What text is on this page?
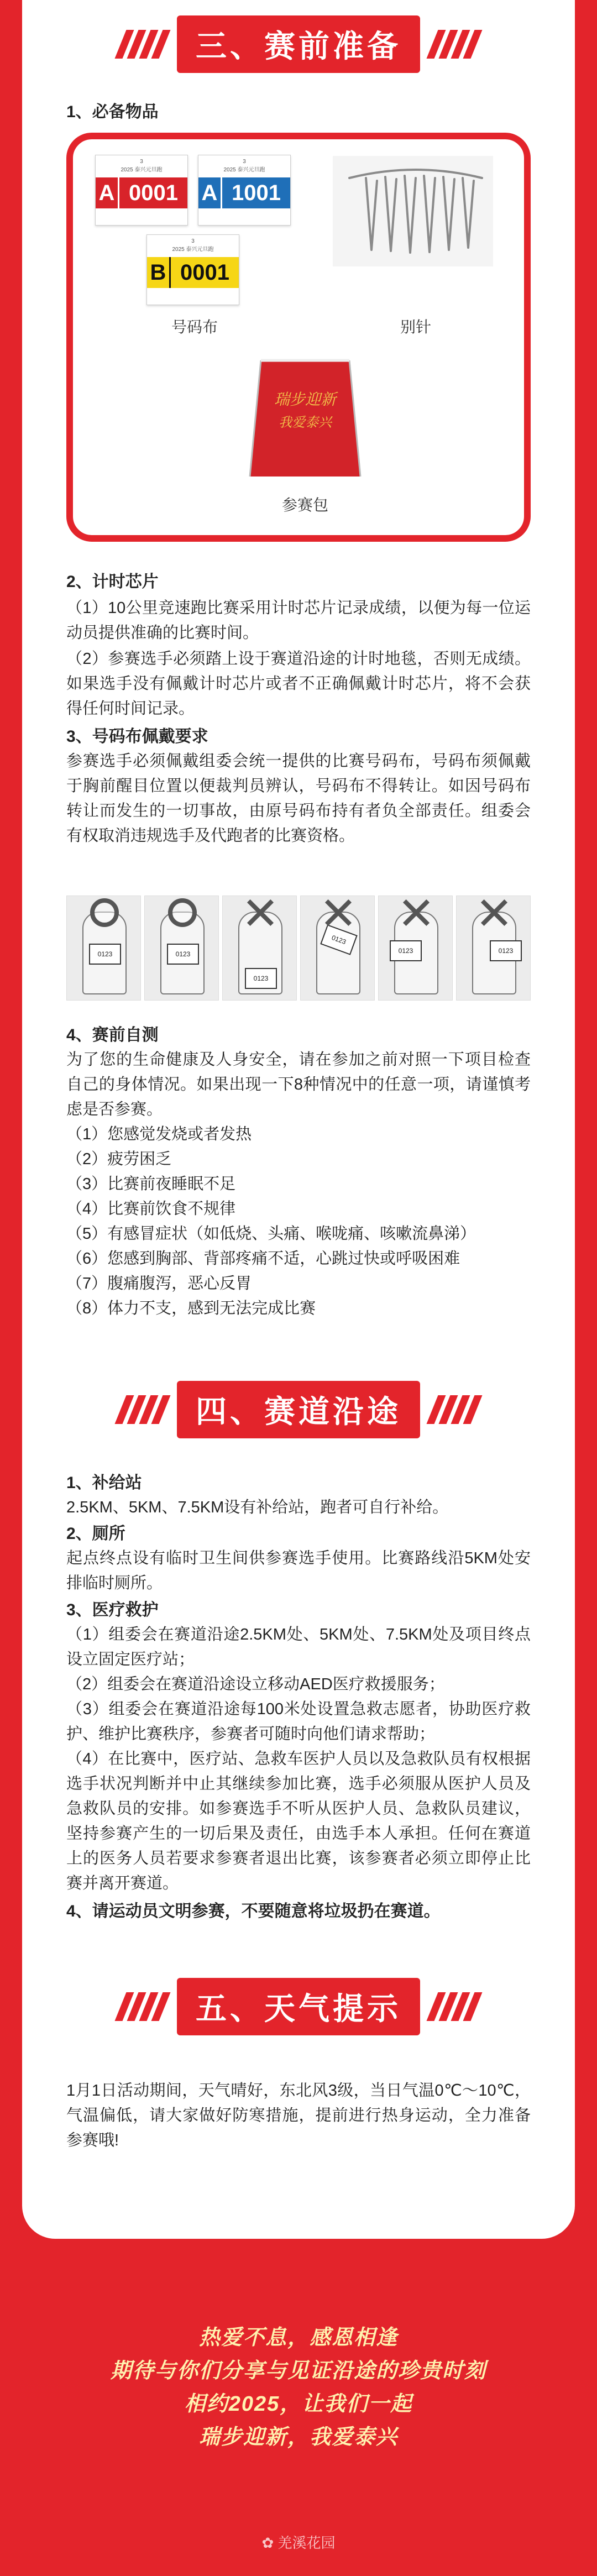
三、赛前准备
1、必备物品
3
2025 泰兴元旦跑
A 0001
3
2025 泰兴元旦跑
A 1001
3
2025 泰兴元旦跑
B 0001
号码布	别针
瑞步迎新
我爱泰兴
参赛包
2、计时芯片
（1）10公里竞速跑比赛采用计时芯片记录成绩，以便为每一位运动员提供准确的比赛时间。
（2）参赛选手必须踏上设于赛道沿途的计时地毯，否则无成绩。如果选手没有佩戴计时芯片或者不正确佩戴计时芯片，将不会获得任何时间记录。
3、号码布佩戴要求
参赛选手必须佩戴组委会统一提供的比赛号码布，号码布须佩戴于胸前醒目位置以便裁判员辨认，号码布不得转让。如因号码布转让而发生的一切事故，由原号码布持有者负全部责任。组委会有权取消违规选手及代跑者的比赛资格。
0123	0123
0123
0123
0123	0123
4、赛前自测
为了您的生命健康及人身安全，请在参加之前对照一下项目检查自己的身体情况。如果出现一下8种情况中的任意一项，请谨慎考虑是否参赛。
（1）您感觉发烧或者发热
（2）疲劳困乏
（3）比赛前夜睡眠不足
（4）比赛前饮食不规律
（5）有感冒症状（如低烧、头痛、喉咙痛、咳嗽流鼻涕）
（6）您感到胸部、背部疼痛不适，心跳过快或呼吸困难
（7）腹痛腹泻，恶心反胃
（8）体力不支，感到无法完成比赛
四、赛道沿途
1、补给站
2.5KM、5KM、7.5KM设有补给站，跑者可自行补给。
2、厕所
起点终点设有临时卫生间供参赛选手使用。比赛路线沿5KM处安排临时厕所。
3、医疗救护
（1）组委会在赛道沿途2.5KM处、5KM处、7.5KM处及项目终点设立固定医疗站；
（2）组委会在赛道沿途设立移动AED医疗救援服务；
（3）组委会在赛道沿途每100米处设置急救志愿者，协助医疗救护、维护比赛秩序，参赛者可随时向他们请求帮助；
（4）在比赛中，医疗站、急救车医护人员以及急救队员有权根据选手状况判断并中止其继续参加比赛，选手必须服从医护人员及急救队员的安排。如参赛选手不听从医护人员、急救队员建议，坚持参赛产生的一切后果及责任，由选手本人承担。任何在赛道上的医务人员若要求参赛者退出比赛，该参赛者必须立即停止比赛并离开赛道。
4、请运动员文明参赛，不要随意将垃圾扔在赛道。
五、天气提示
1月1日活动期间，天气晴好，东北风3级，当日气温0℃～10℃，气温偏低，请大家做好防寒措施，提前进行热身运动，全力准备参赛哦!
热爱不息，感恩相逢
期待与你们分享与见证沿途的珍贵时刻
相约2025，让我们一起
瑞步迎新，我爱泰兴
✿ 羌溪花园
